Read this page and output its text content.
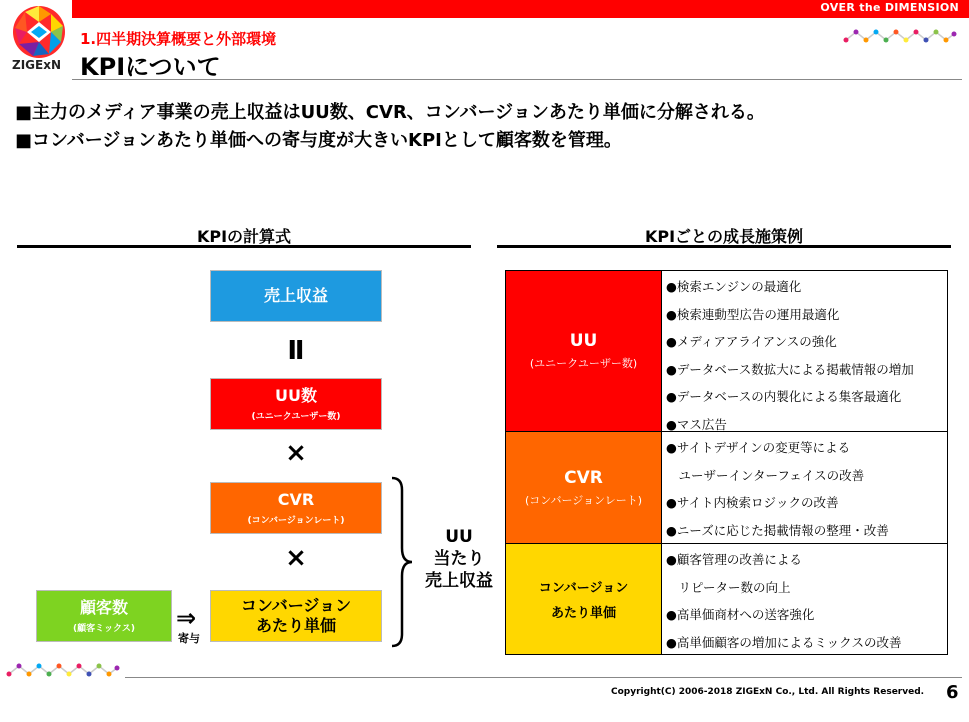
OVER the DIMENSION
ZIGExN
1.四半期決算概要と外部環境
KPIについて
■主力のメディア事業の売上収益はUU数、CVR、コンバージョンあたり単価に分解される。
■コンバージョンあたり単価への寄与度が大きいKPIとして顧客数を管理。
KPIの計算式
売上収益
Ⅱ
UU数
(ユニークユーザー数)
×
CVR
(コンバージョンレート)
×
コンバージョン
あたり単価
顧客数
(顧客ミックス) ⇒
寄与
UU
当たり
売上収益
KPIごとの成長施策例
UU
(ユニークユーザー数)
●検索エンジンの最適化
●検索連動型広告の運用最適化
●メディアアライアンスの強化
●データベース数拡大による掲載情報の増加
●データベースの内製化による集客最適化
●マス広告
CVR
(コンバージョンレート)
●サイトデザインの変更等による
　ユーザーインターフェイスの改善
●サイト内検索ロジックの改善
●ニーズに応じた掲載情報の整理・改善
コンバージョン
あたり単価
●顧客管理の改善による
　リピーター数の向上
●高単価商材への送客強化
●高単価顧客の増加によるミックスの改善
Copyright(C) 2006-2018 ZIGExN Co., Ltd. All Rights Reserved. 6
